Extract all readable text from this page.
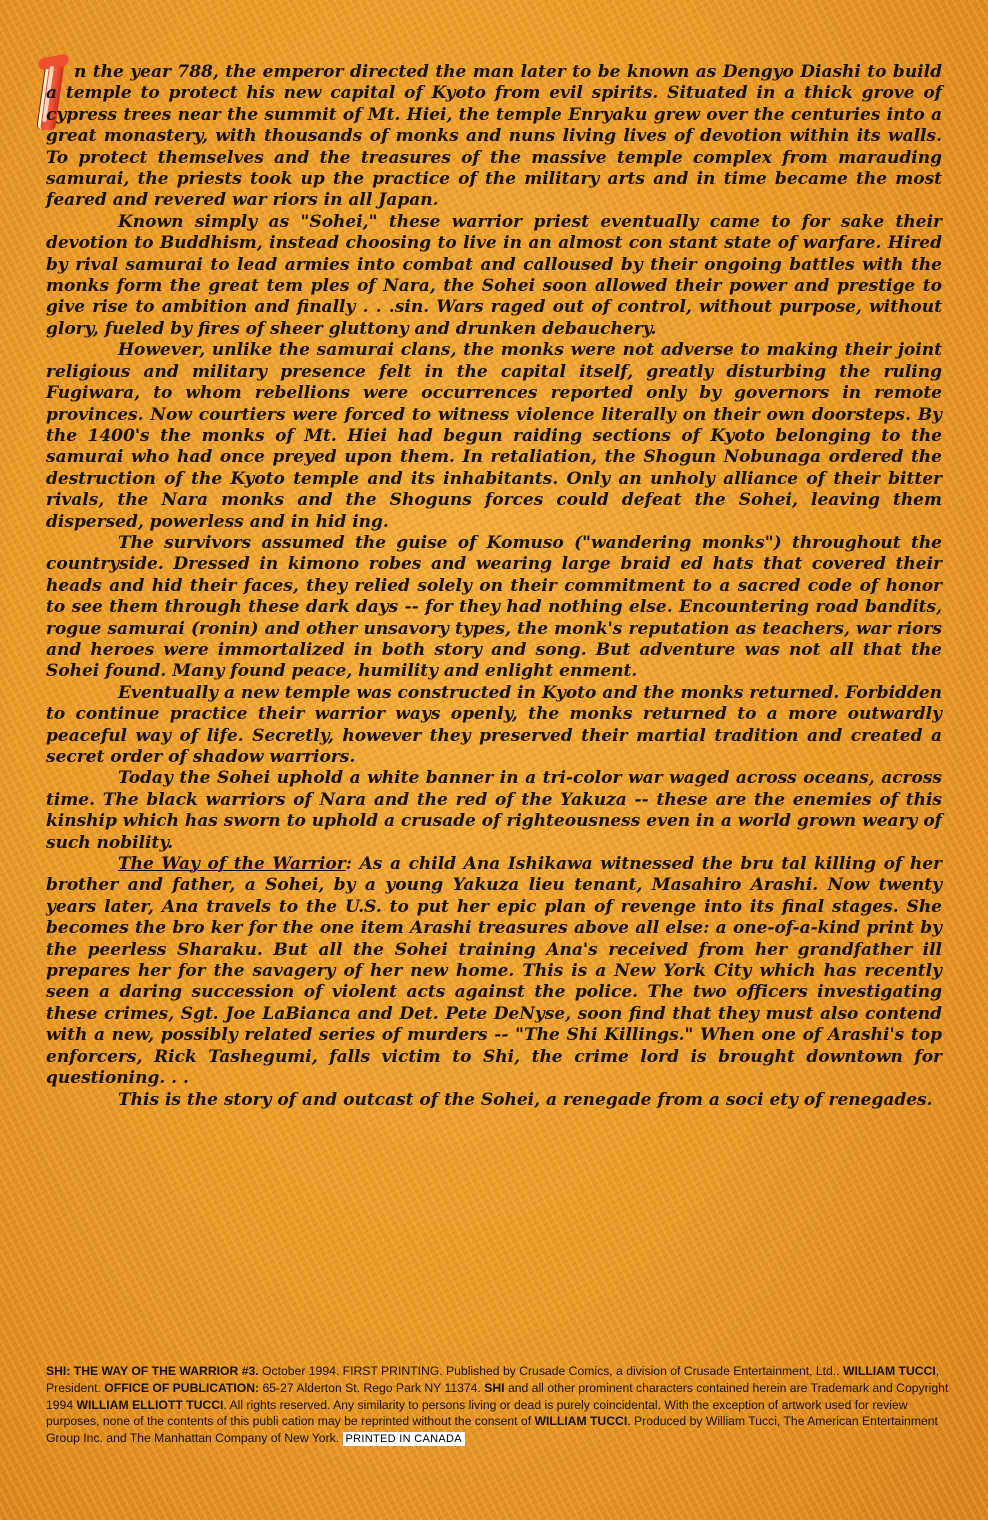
n the year 788, the emperor directed the man later to be known as Dengyo Diashi to build a temple to protect his new capital of Kyoto from evil spirits. Situated in a thick grove of cypress trees near the summit of Mt. Hiei, the temple Enryaku grew over the centuries into a great monastery, with thousands of monks and nuns living lives of devotion within its walls. To protect themselves and the treasures of the massive temple complex from marauding samurai, the priests took up the practice of the military arts and in time became the most feared and revered war riors in all Japan.

Known simply as "Sohei," these warrior priest eventually came to for sake their devotion to Buddhism, instead choosing to live in an almost con stant state of warfare. Hired by rival samurai to lead armies into combat and calloused by their ongoing battles with the monks form the great tem ples of Nara, the Sohei soon allowed their power and prestige to give rise to ambition and finally . . .sin. Wars raged out of control, without purpose, without glory, fueled by fires of sheer gluttony and drunken debauchery.

However, unlike the samurai clans, the monks were not adverse to making their joint religious and military presence felt in the capital itself, greatly disturbing the ruling Fugiwara, to whom rebellions were occurrences reported only by governors in remote provinces. Now courtiers were forced to witness violence literally on their own doorsteps. By the 1400's the monks of Mt. Hiei had begun raiding sections of Kyoto belonging to the samurai who had once preyed upon them. In retaliation, the Shogun Nobunaga ordered the destruction of the Kyoto temple and its inhabitants. Only an unholy alliance of their bitter rivals, the Nara monks and the Shoguns forces could defeat the Sohei, leaving them dispersed, powerless and in hid ing.

The survivors assumed the guise of Komuso ("wandering monks") throughout the countryside. Dressed in kimono robes and wearing large braid ed hats that covered their heads and hid their faces, they relied solely on their commitment to a sacred code of honor to see them through these dark days -- for they had nothing else. Encountering road bandits, rogue samurai (ronin) and other unsavory types, the monk's reputation as teachers, war riors and heroes were immortalized in both story and song. But adventure was not all that the Sohei found. Many found peace, humility and enlight enment.

Eventually a new temple was constructed in Kyoto and the monks returned. Forbidden to continue practice their warrior ways openly, the monks returned to a more outwardly peaceful way of life. Secretly, however they preserved their martial tradition and created a secret order of shadow warriors.

Today the Sohei uphold a white banner in a tri-color war waged across oceans, across time. The black warriors of Nara and the red of the Yakuza -- these are the enemies of this kinship which has sworn to uphold a crusade of righteousness even in a world grown weary of such nobility.

The Way of the Warrior: As a child Ana Ishikawa witnessed the bru tal killing of her brother and father, a Sohei, by a young Yakuza lieu tenant, Masahiro Arashi. Now twenty years later, Ana travels to the U.S. to put her epic plan of revenge into its final stages. She becomes the bro ker for the one item Arashi treasures above all else: a one-of-a-kind print by the peerless Sharaku. But all the Sohei training Ana's received from her grandfather ill prepares her for the savagery of her new home. This is a New York City which has recently seen a daring succession of violent acts against the police. The two officers investigating these crimes, Sgt. Joe LaBianca and Det. Pete DeNyse, soon find that they must also contend with a new, possibly related series of murders -- "The Shi Killings." When one of Arashi's top enforcers, Rick Tashegumi, falls victim to Shi, the crime lord is brought downtown for questioning. . .

This is the story of and outcast of the Sohei, a renegade from a soci ety of renegades.

SHI: THE WAY OF THE WARRIOR #3. October 1994. FIRST PRINTING. Published by Crusade Comics, a division of Crusade Entertainment, Ltd.. WILLIAM TUCCI, President. OFFICE OF PUBLICATION: 65-27 Alderton St. Rego Park NY 11374. SHI and all other prominent characters contained herein are Trademark and Copyright 1994 WILLIAM ELLIOTT TUCCI. All rights reserved. Any similarity to persons living or dead is purely coincidental. With the exception of artwork used for review purposes, none of the contents of this publi cation may be reprinted without the consent of WILLIAM TUCCI. Produced by William Tucci, The American Entertainment Group Inc. and The Manhattan Company of New York. PRINTED IN CANADA
